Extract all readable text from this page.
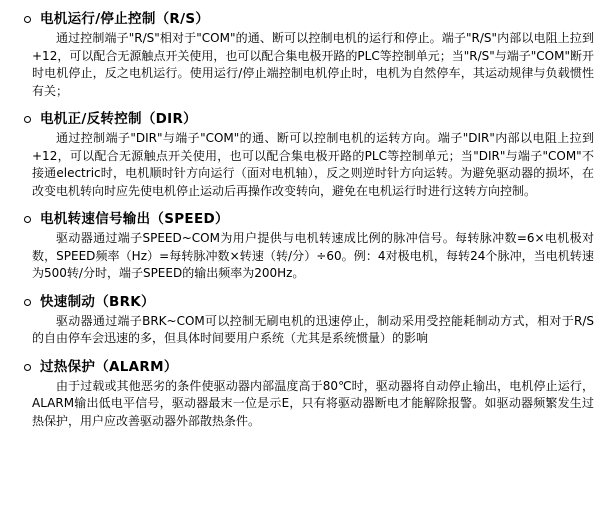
电机运行/停止控制（R/S）

通过控制端子"R/S"相对于"COM"的通、断可以控制电机的运行和停止。端子"R/S"内部以电阻上拉到+12，可以配合无源触点开关使用，也可以配合集电极开路的PLC等控制单元；当"R/S"与端子"COM"断开时电机停止，反之电机运行。使用运行/停止端控制电机停止时，电机为自然停车，其运动规律与负载惯性有关；

电机正/反转控制（DIR）

通过控制端子"DIR"与端子"COM"的通、断可以控制电机的运转方向。端子"DIR"内部以电阻上拉到+12，可以配合无源触点开关使用，也可以配合集电极开路的PLC等控制单元；当"DIR"与端子"COM"不接通electric时，电机顺时针方向运行（面对电机轴），反之则逆时针方向运转。为避免驱动器的损坏，在改变电机转向时应先使电机停止运动后再操作改变转向，避免在电机运行时进行这转方向控制。

电机转速信号输出（SPEED）

驱动器通过端子SPEED~COM为用户提供与电机转速成比例的脉冲信号。每转脉冲数=6×电机极对数，SPEED频率（Hz）=每转脉冲数×转速（转/分）÷60。例：4对极电机，每转24个脉冲，当电机转速为500转/分时，端子SPEED的输出频率为200Hz。

快速制动（BRK）

驱动器通过端子BRK~COM可以控制无刷电机的迅速停止，制动采用受控能耗制动方式，相对于R/S的自由停车会迅速的多，但具体时间要用户系统（尤其是系统惯量）的影响

过热保护（ALARM）

由于过载或其他恶劣的条件使驱动器内部温度高于80℃时，驱动器将自动停止输出，电机停止运行，ALARM输出低电平信号，驱动器最末一位是示E，只有将驱动器断电才能解除报警。如驱动器频繁发生过热保护，用户应改善驱动器外部散热条件。
